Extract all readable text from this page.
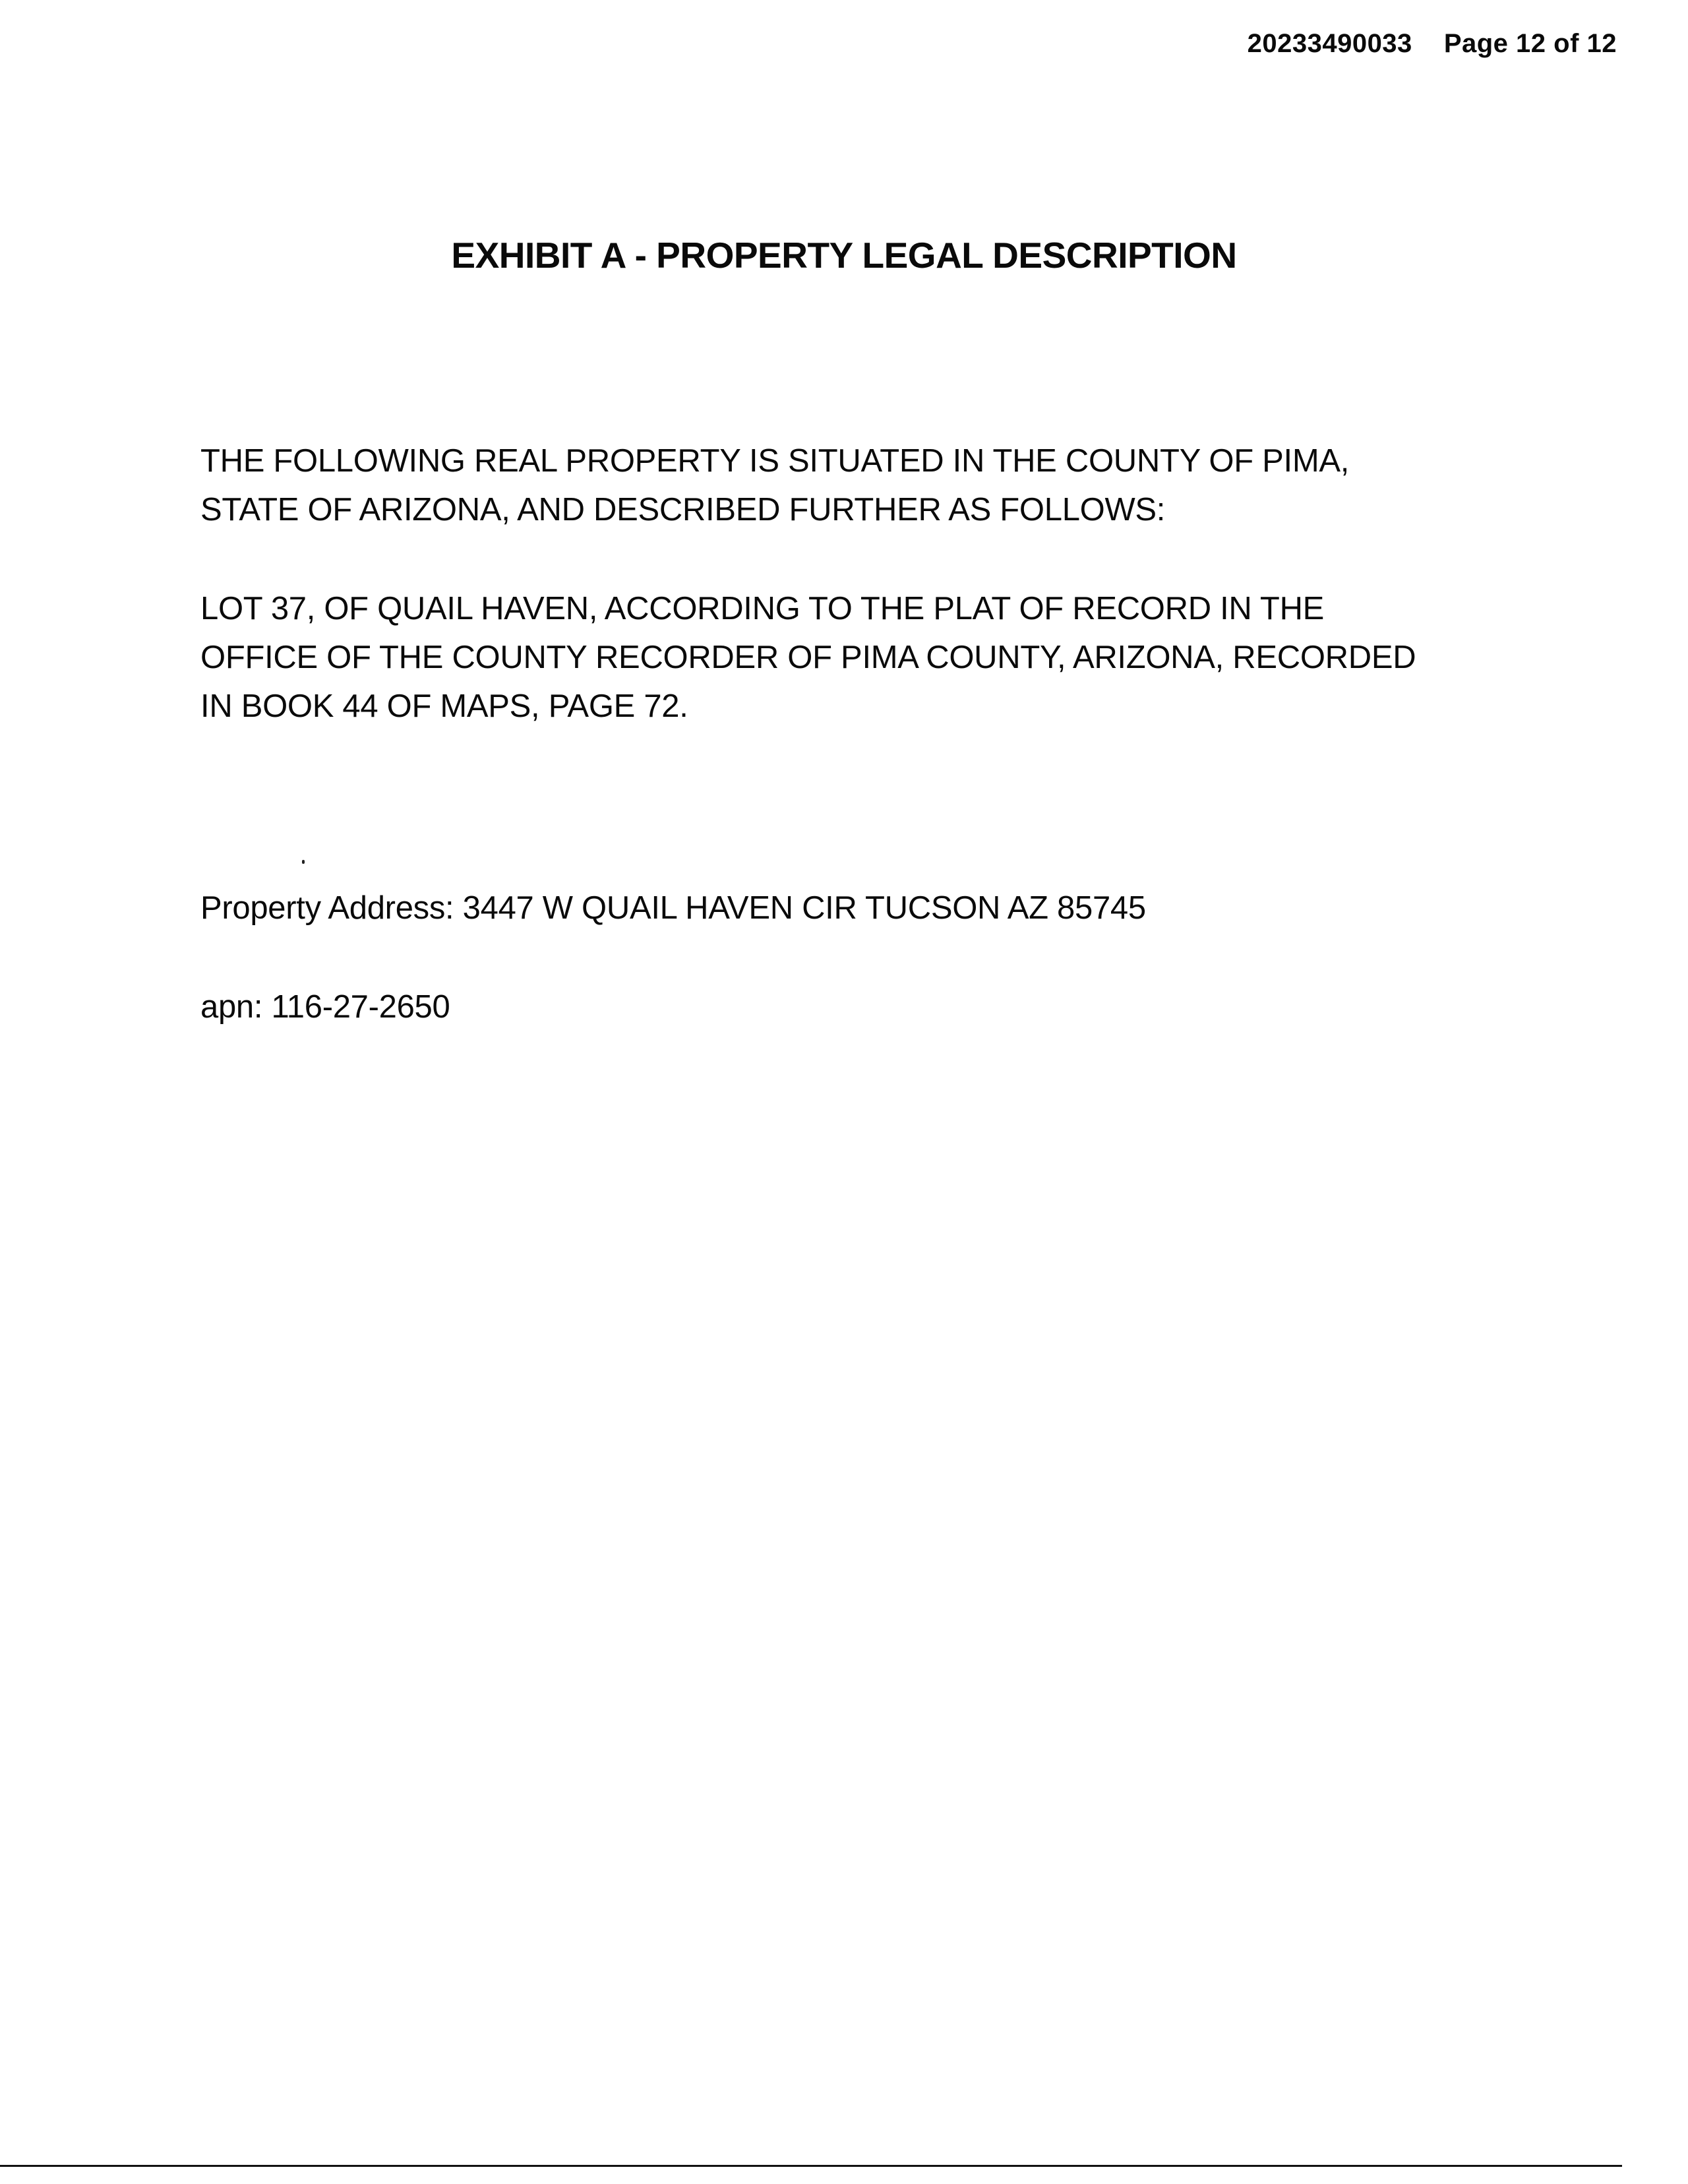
20233490033 Page 12 of 12
EXHIBIT A - PROPERTY LEGAL DESCRIPTION

THE FOLLOWING REAL PROPERTY IS SITUATED IN THE COUNTY OF PIMA,
STATE OF ARIZONA, AND DESCRIBED FURTHER AS FOLLOWS:

LOT 37, OF QUAIL HAVEN, ACCORDING TO THE PLAT OF RECORD IN THE
OFFICE OF THE COUNTY RECORDER OF PIMA COUNTY, ARIZONA, RECORDED
IN BOOK 44 OF MAPS, PAGE 72.

Property Address: 3447 W QUAIL HAVEN CIR TUCSON AZ 85745

apn: 116-27-2650
